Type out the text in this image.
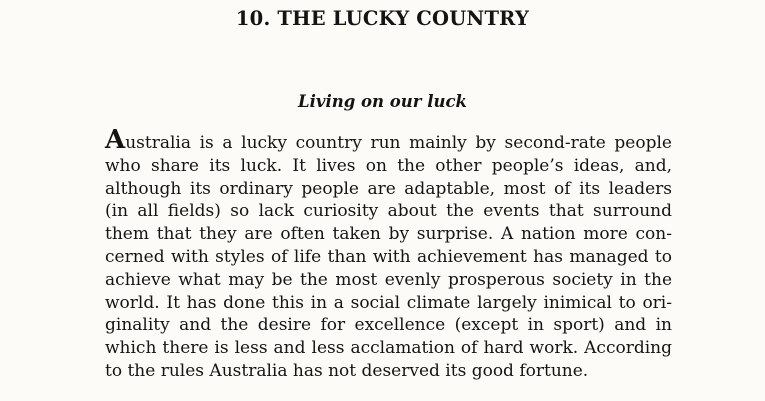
10. THE LUCKY COUNTRY
Living on our luck
Australia is a lucky country run mainly by second-rate people
who share its luck. It lives on the other people’s ideas, and,
although its ordinary people are adaptable, most of its leaders
(in all fields) so lack curiosity about the events that surround
them that they are often taken by surprise. A nation more con-
cerned with styles of life than with achievement has managed to
achieve what may be the most evenly prosperous society in the
world. It has done this in a social climate largely inimical to ori-
ginality and the desire for excellence (except in sport) and in
which there is less and less acclamation of hard work. According
to the rules Australia has not deserved its good fortune.
